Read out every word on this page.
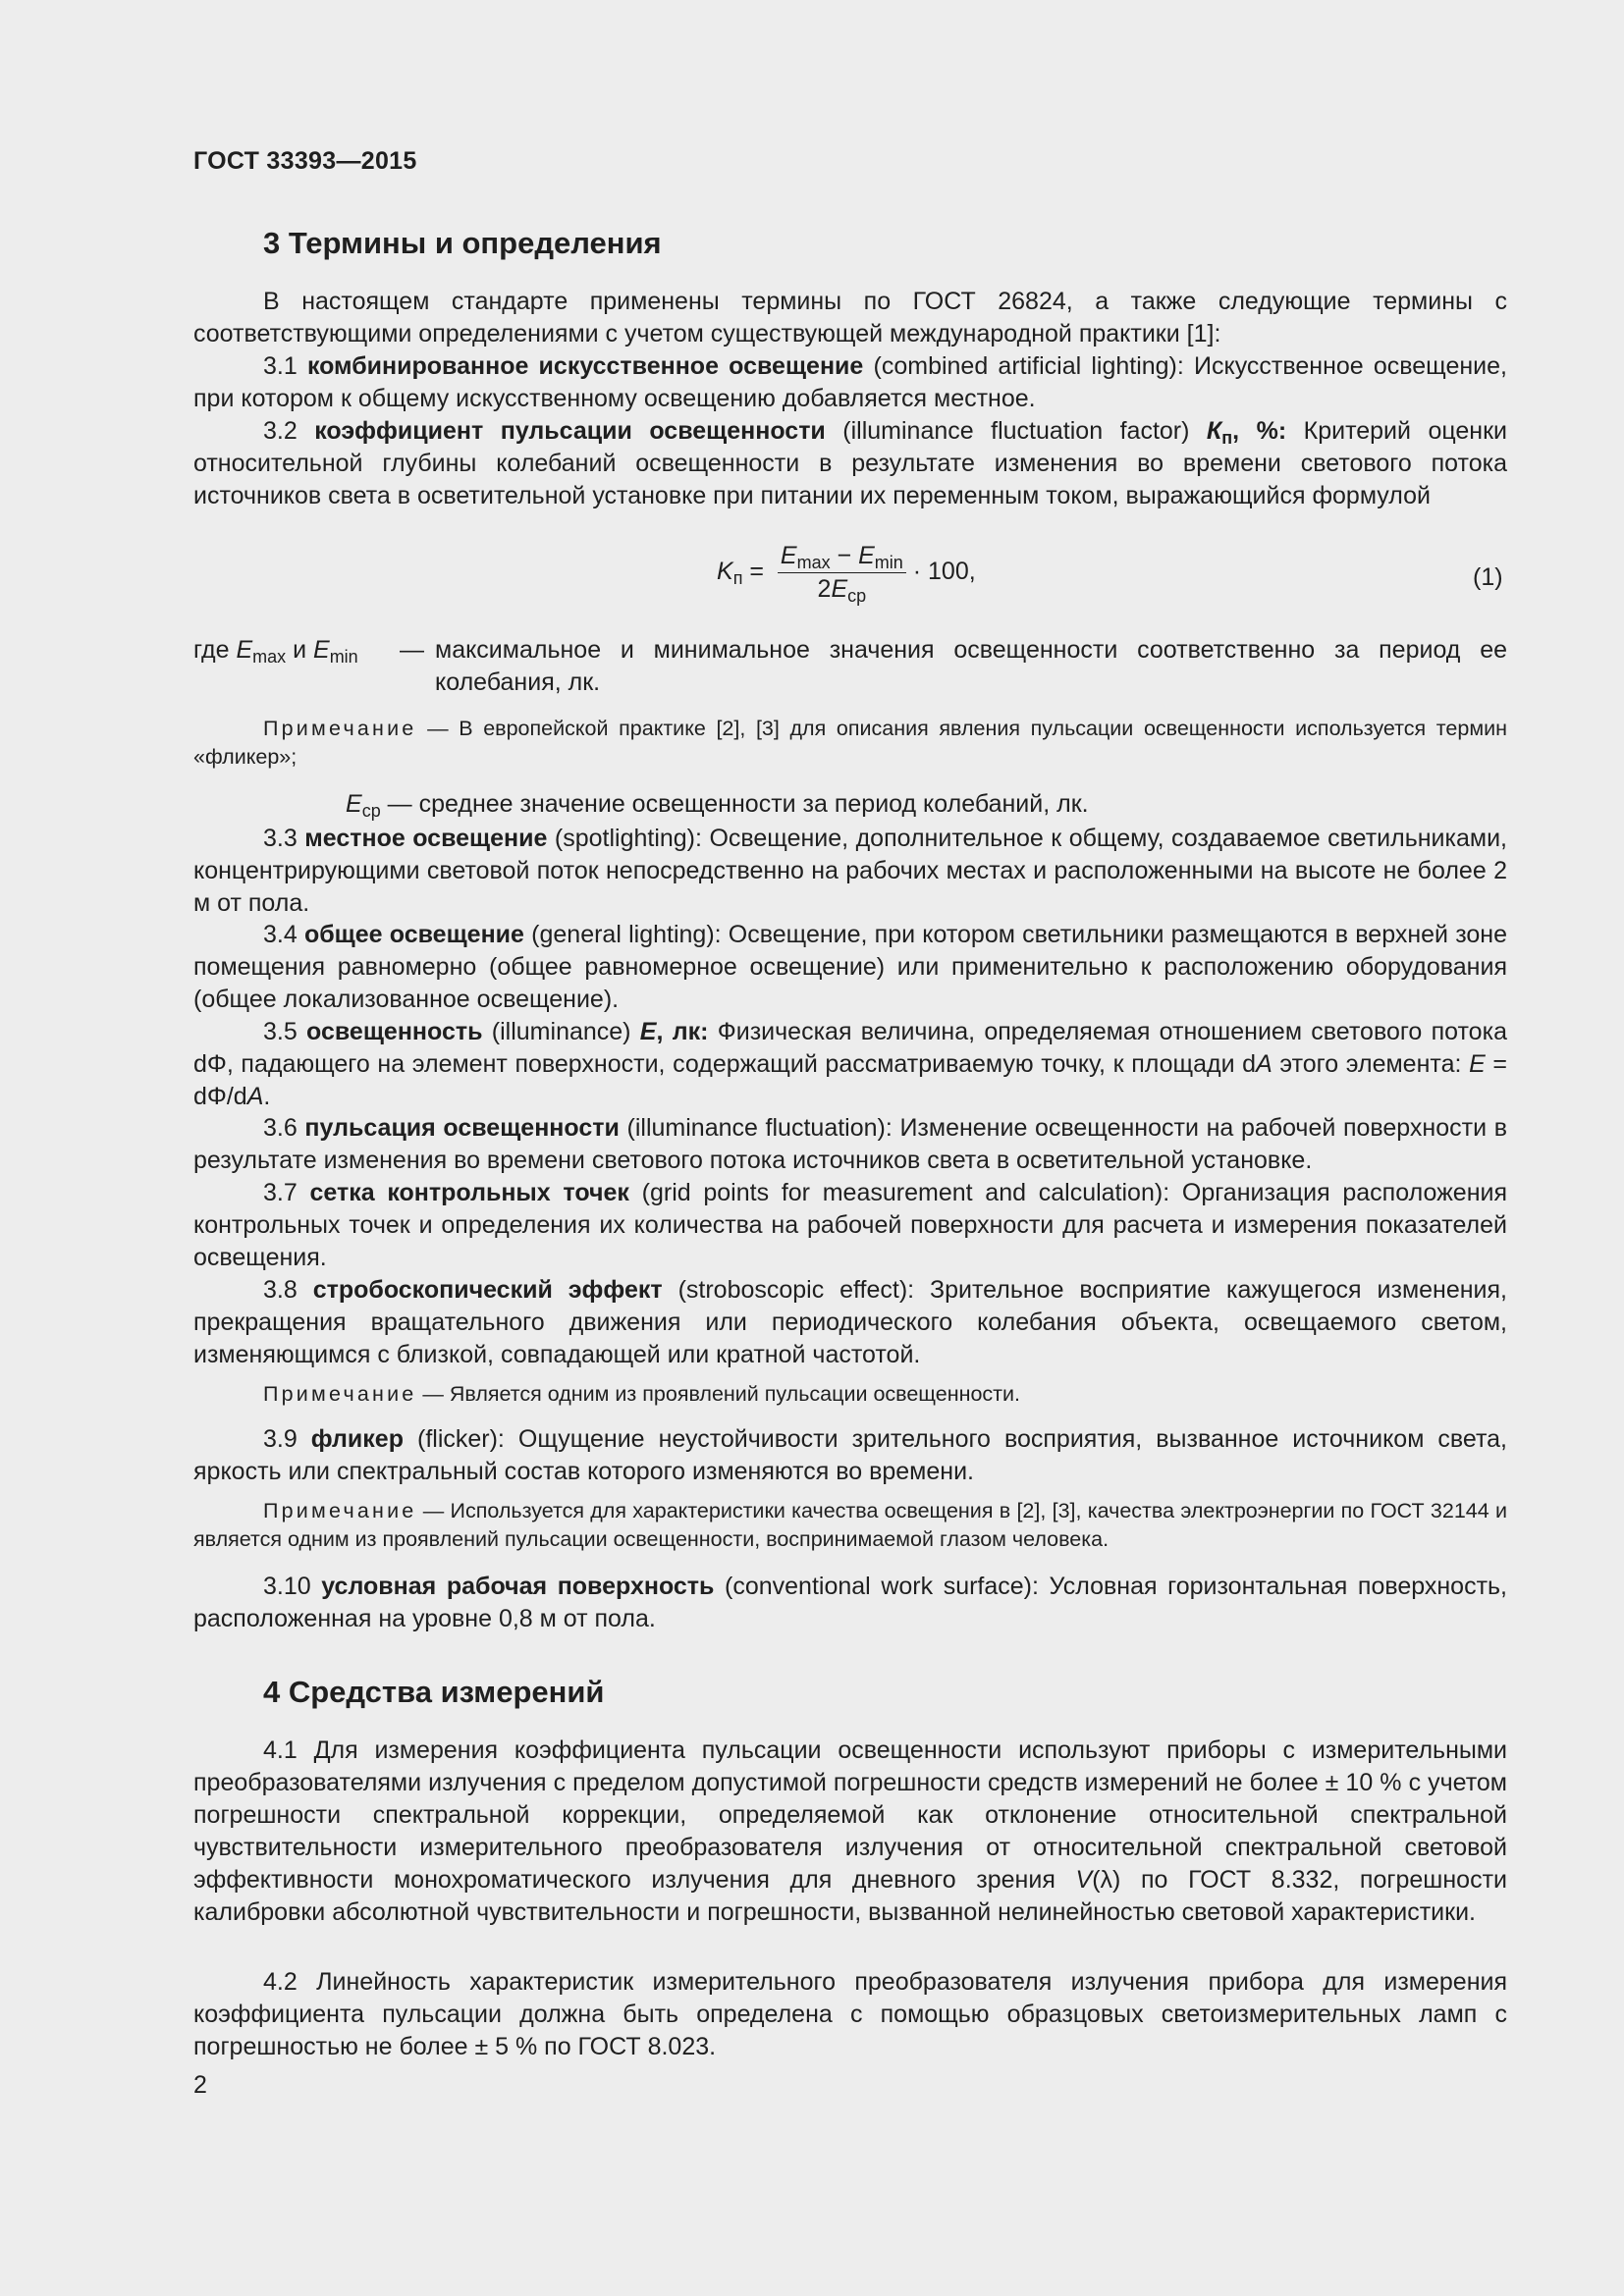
ГОСТ 33393—2015
3 Термины и определения
В настоящем стандарте применены термины по ГОСТ 26824, а также следующие термины с соответствующими определениями с учетом существующей международной практики [1]:
3.1 комбинированное искусственное освещение (combined artificial lighting): Искусственное освещение, при котором к общему искусственному освещению добавляется местное.
3.2 коэффициент пульсации освещенности (illuminance fluctuation factor) $К_п$, %: Критерий оценки относительной глубины колебаний освещенности в результате изменения во времени светового потока источников света в осветительной установке при питании их переменным током, выражающийся формулой
$K_п = \frac{E_{max} - E_{min}}{2E_{ср}} \cdot 100$,	(1)
где $E_{max}$ и $E_{min}$ — максимальное и минимальное значения освещенности соответственно за период ее колебания, лк.
Примечание — В европейской практике [2], [3] для описания явления пульсации освещенности используется термин «фликер»;
$E_{ср}$ — среднее значение освещенности за период колебаний, лк.
3.3 местное освещение (spotlighting): Освещение, дополнительное к общему, создаваемое светильниками, концентрирующими световой поток непосредственно на рабочих местах и расположенными на высоте не более 2 м от пола.
3.4 общее освещение (general lighting): Освещение, при котором светильники размещаются в верхней зоне помещения равномерно (общее равномерное освещение) или применительно к расположению оборудования (общее локализованное освещение).
3.5 освещенность (illuminance) E, лк: Физическая величина, определяемая отношением светового потока dΦ, падающего на элемент поверхности, содержащий рассматриваемую точку, к площади dA этого элемента: E = dΦ/dA.
3.6 пульсация освещенности (illuminance fluctuation): Изменение освещенности на рабочей поверхности в результате изменения во времени светового потока источников света в осветительной установке.
3.7 сетка контрольных точек (grid points for measurement and calculation): Организация расположения контрольных точек и определения их количества на рабочей поверхности для расчета и измерения показателей освещения.
3.8 стробоскопический эффект (stroboscopic effect): Зрительное восприятие кажущегося изменения, прекращения вращательного движения или периодического колебания объекта, освещаемого светом, изменяющимся с близкой, совпадающей или кратной частотой.
Примечание — Является одним из проявлений пульсации освещенности.
3.9 фликер (flicker): Ощущение неустойчивости зрительного восприятия, вызванное источником света, яркость или спектральный состав которого изменяются во времени.
Примечание — Используется для характеристики качества освещения в [2], [3], качества электроэнергии по ГОСТ 32144 и является одним из проявлений пульсации освещенности, воспринимаемой глазом человека.
3.10 условная рабочая поверхность (conventional work surface): Условная горизонтальная поверхность, расположенная на уровне 0,8 м от пола.
4 Средства измерений
4.1 Для измерения коэффициента пульсации освещенности используют приборы с измерительными преобразователями излучения с пределом допустимой погрешности средств измерений не более ± 10 % с учетом погрешности спектральной коррекции, определяемой как отклонение относительной спектральной чувствительности измерительного преобразователя излучения от относительной спектральной световой эффективности монохроматического излучения для дневного зрения V(λ) по ГОСТ 8.332, погрешности калибровки абсолютной чувствительности и погрешности, вызванной нелинейностью световой характеристики.
4.2 Линейность характеристик измерительного преобразователя излучения прибора для измерения коэффициента пульсации должна быть определена с помощью образцовых светоизмерительных ламп с погрешностью не более ± 5 % по ГОСТ 8.023.
2
